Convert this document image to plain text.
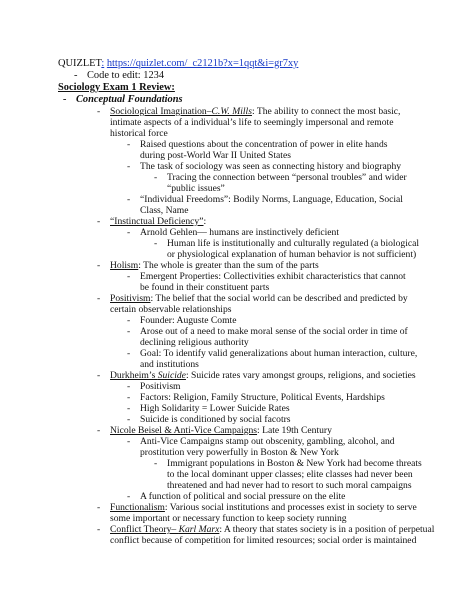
QUIZLET: https://quizlet.com/_c2121b?x=1qqt&i=gr7xy
- Code to edit: 1234
Sociology Exam 1 Review:
- Conceptual Foundations
- Sociological Imagination–C.W. Mills: The ability to connect the most basic,
intimate aspects of a individual’s life to seemingly impersonal and remote
historical force
- Raised questions about the concentration of power in elite hands
during post-World War II United States
- The task of sociology was seen as connecting history and biography
- Tracing the connection between “personal troubles” and wider
“public issues”
- “Individual Freedoms”: Bodily Norms, Language, Education, Social
Class, Name
- “Instinctual Deficiency”:
- Arnold Gehlen— humans are instinctively deficient
- Human life is institutionally and culturally regulated (a biological
or physiological explanation of human behavior is not sufficient)
- Holism: The whole is greater than the sum of the parts
- Emergent Properties: Collectivities exhibit characteristics that cannot
be found in their constituent parts
- Positivism: The belief that the social world can be described and predicted by
certain observable relationships
- Founder: Auguste Comte
- Arose out of a need to make moral sense of the social order in time of
declining religious authority
- Goal: To identify valid generalizations about human interaction, culture,
and institutions
- Durkheim’s Suicide: Suicide rates vary amongst groups, religions, and societies
- Positivism
- Factors: Religion, Family Structure, Political Events, Hardships
- High Solidarity = Lower Suicide Rates
- Suicide is conditioned by social facotrs
- Nicole Beisel & Anti-Vice Campaigns: Late 19th Century
- Anti-Vice Campaigns stamp out obscenity, gambling, alcohol, and
prostitution very powerfully in Boston & New York
- Immigrant populations in Boston & New York had become threats
to the local dominant upper classes; elite classes had never been
threatened and had never had to resort to such moral campaigns
- A function of political and social pressure on the elite
- Functionalism: Various social institutions and processes exist in society to serve
some important or necessary function to keep society running
- Conflict Theory– Karl Marx: A theory that states society is in a position of perpetual
conflict because of competition for limited resources; social order is maintained
